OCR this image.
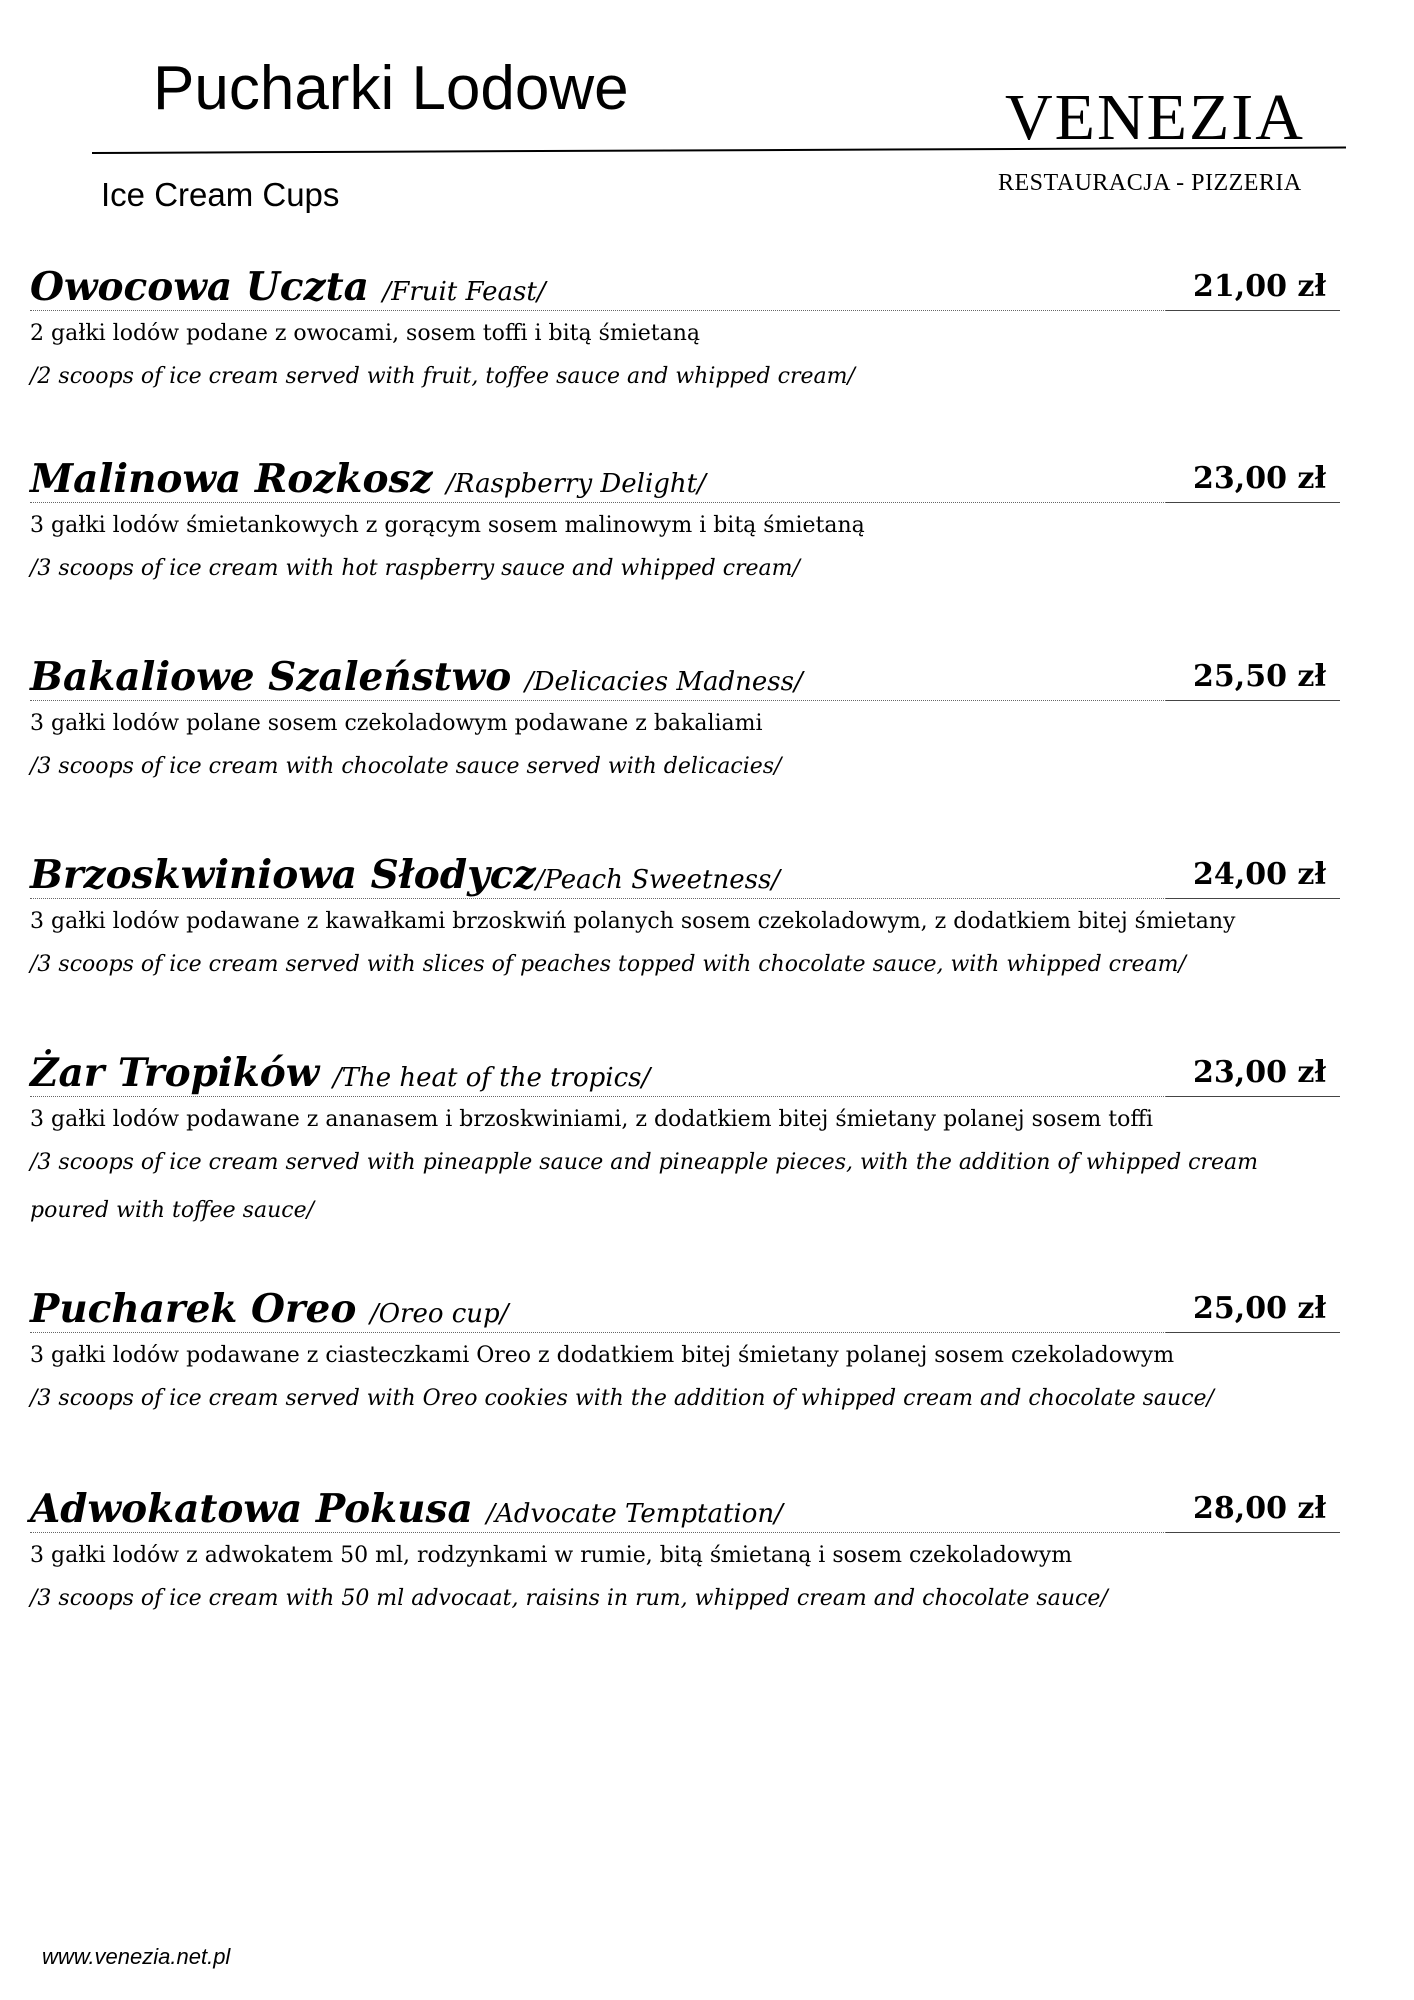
Pucharki Lodowe
Ice Cream Cups
VENEZIA
RESTAURACJA - PIZZERIA
Owocowa Uczta /Fruit Feast/	21,00 zł
2 gałki lodów podane z owocami, sosem toffi i bitą śmietaną
/2 scoops of ice cream served with fruit, toffee sauce and whipped cream/
Malinowa Rozkosz /Raspberry Delight/	23,00 zł
3 gałki lodów śmietankowych z gorącym sosem malinowym i bitą śmietaną
/3 scoops of ice cream with hot raspberry sauce and whipped cream/
Bakaliowe Szaleństwo /Delicacies Madness/	25,50 zł
3 gałki lodów polane sosem czekoladowym podawane z bakaliami
/3 scoops of ice cream with chocolate sauce served with delicacies/
Brzoskwiniowa Słodycz/Peach Sweetness/	24,00 zł
3 gałki lodów podawane z kawałkami brzoskwiń polanych sosem czekoladowym, z dodatkiem bitej śmietany
/3 scoops of ice cream served with slices of peaches topped with chocolate sauce, with whipped cream/
Żar Tropików /The heat of the tropics/	23,00 zł
3 gałki lodów podawane z ananasem i brzoskwiniami, z dodatkiem bitej śmietany polanej sosem toffi
/3 scoops of ice cream served with pineapple sauce and pineapple pieces, with the addition of whipped cream poured with toffee sauce/
Pucharek Oreo /Oreo cup/	25,00 zł
3 gałki lodów podawane z ciasteczkami Oreo z dodatkiem bitej śmietany polanej sosem czekoladowym
/3 scoops of ice cream served with Oreo cookies with the addition of whipped cream and chocolate sauce/
Adwokatowa Pokusa /Advocate Temptation/	28,00 zł
3 gałki lodów z adwokatem 50 ml, rodzynkami w rumie, bitą śmietaną i sosem czekoladowym
/3 scoops of ice cream with 50 ml advocaat, raisins in rum, whipped cream and chocolate sauce/
www.venezia.net.pl
